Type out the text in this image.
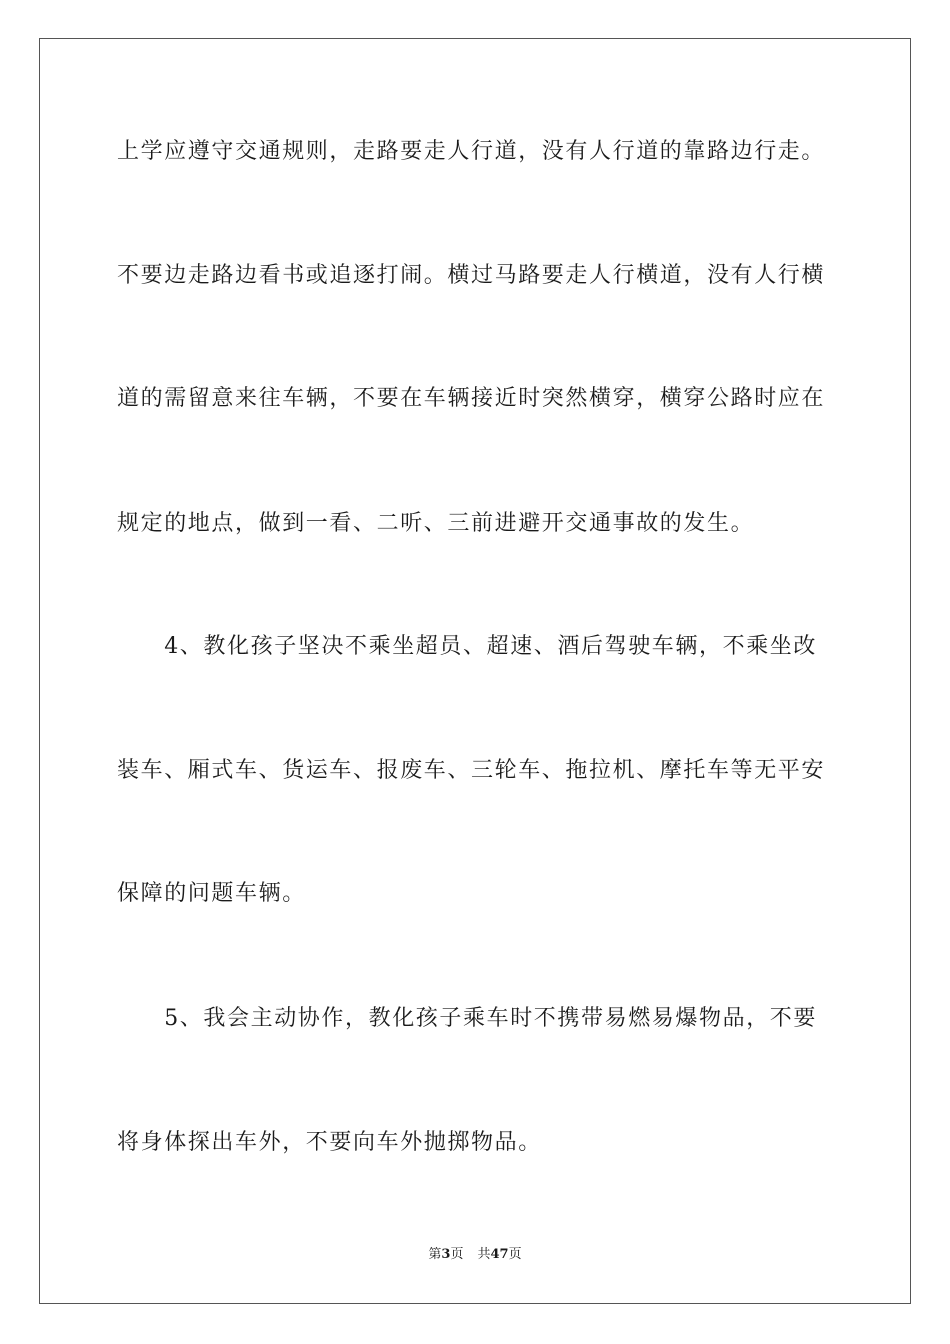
上学应遵守交通规则，走路要走人行道，没有人行道的靠路边行走。
不要边走路边看书或追逐打闹。横过马路要走人行横道，没有人行横
道的需留意来往车辆，不要在车辆接近时突然横穿，横穿公路时应在
规定的地点，做到一看、二听、三前进避开交通事故的发生。
　　4、教化孩子坚决不乘坐超员、超速、酒后驾驶车辆，不乘坐改
装车、厢式车、货运车、报废车、三轮车、拖拉机、摩托车等无平安
保障的问题车辆。
　　5、我会主动协作，教化孩子乘车时不携带易燃易爆物品，不要
将身体探出车外，不要向车外抛掷物品。
第3页 共47页
